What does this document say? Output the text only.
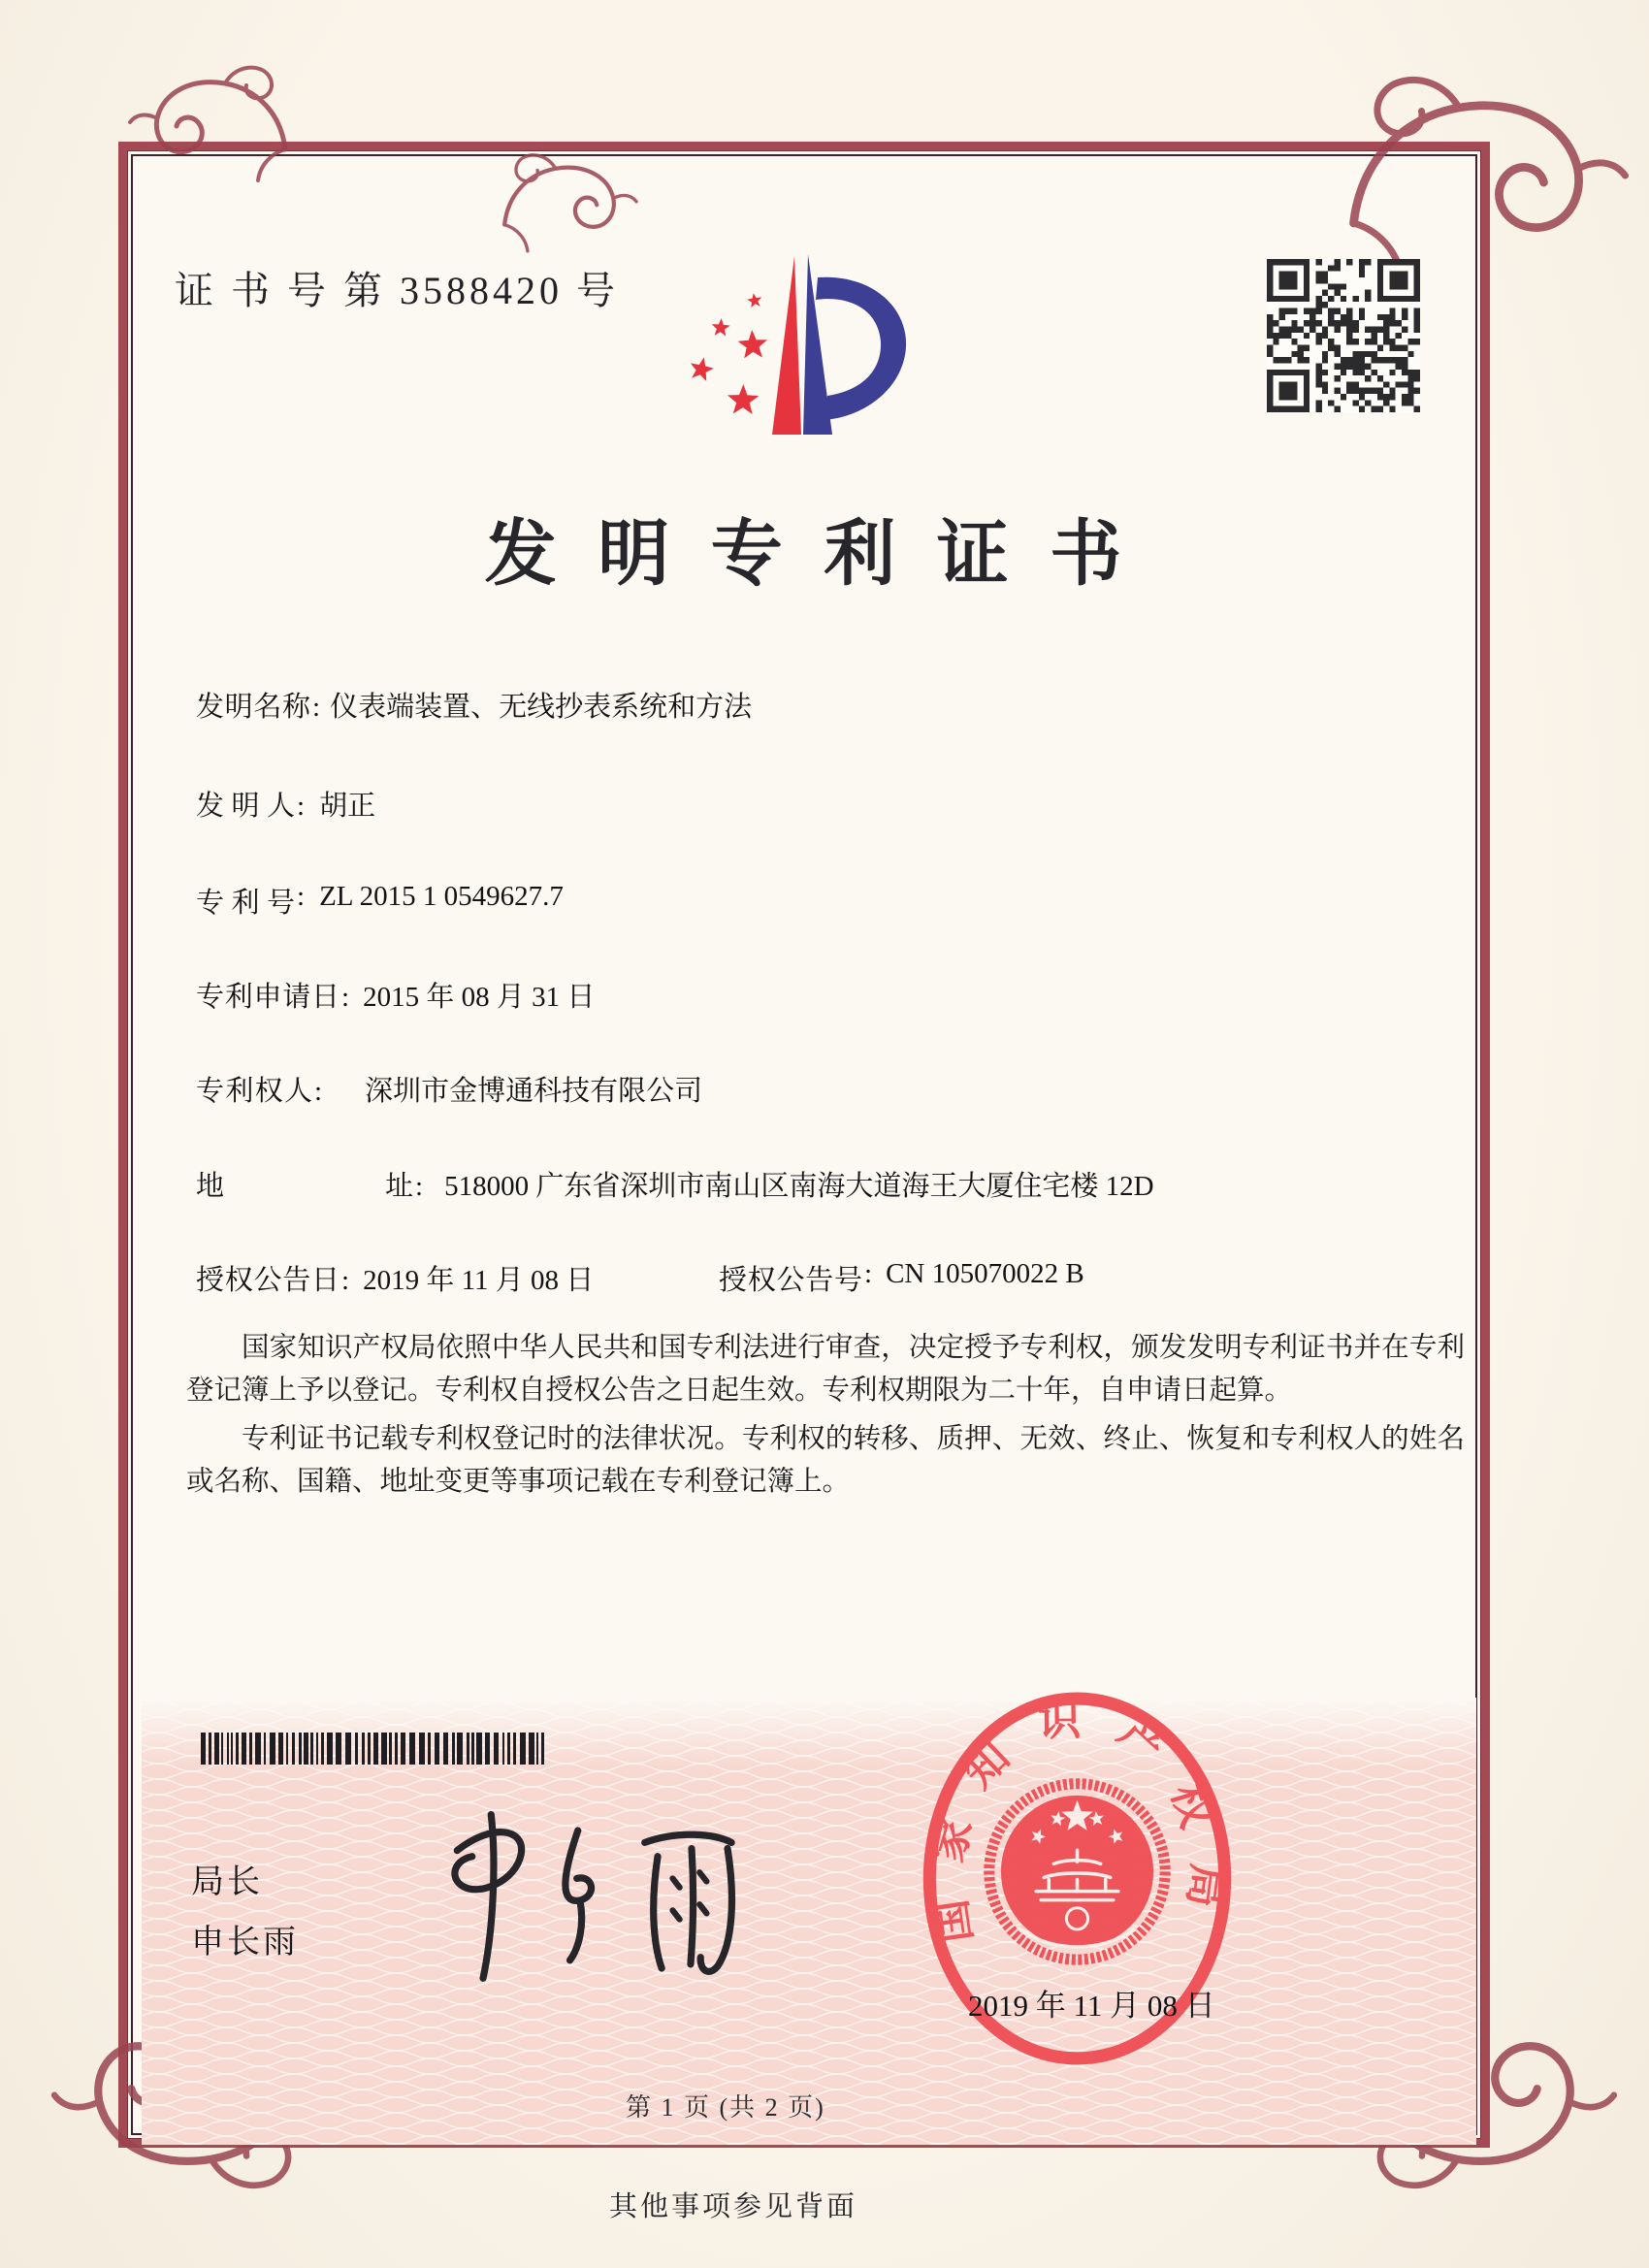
证 书 号 第 3588420 号
发 明 专 利 证 书
发明名称: 仪表端装置、无线抄表系统和方法
发明人: 胡正
专利号: ZL 2015 1 0549627.7
专利申请日: 2015 年 08 月 31 日
专利权人: 深圳市金博通科技有限公司
地址: 518000 广东省深圳市南山区南海大道海王大厦住宅楼 12D
授权公告日: 2019 年 11 月 08 日	授权公告号: CN 105070022 B

国家知识产权局依照中华人民共和国专利法进行审查，决定授予专利权，颁发发明专利证书并在专利登记簿上予以登记。专利权自授权公告之日起生效。专利权期限为二十年，自申请日起算。

专利证书记载专利权登记时的法律状况。专利权的转移、质押、无效、终止、恢复和专利权人的姓名或名称、国籍、地址变更等事项记载在专利登记簿上。

局长
申长雨	国家知识产权局
2019 年 11 月 08 日
第 1 页 (共 2 页)
其他事项参见背面
